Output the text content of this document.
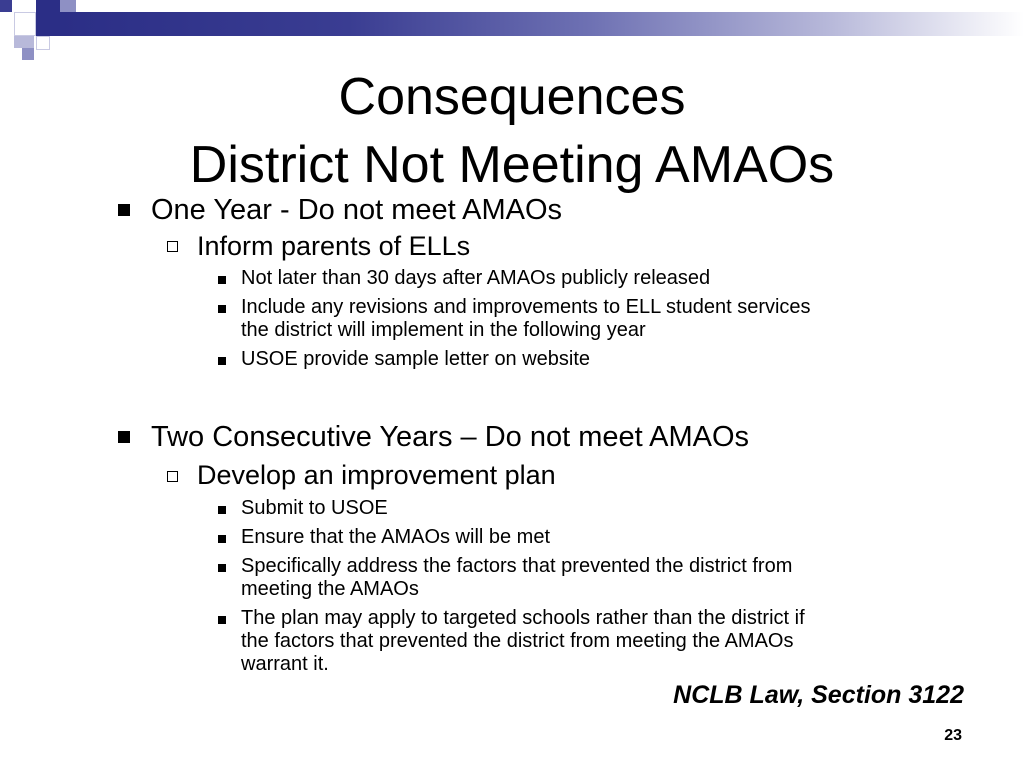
Consequences
District Not Meeting AMAOs
One Year - Do not meet AMAOs
Inform parents of ELLs
Not later than 30 days after AMAOs publicly released
Include any revisions and improvements to ELL student services
the district will implement in the following year
USOE provide sample letter on website
Two Consecutive Years – Do not meet AMAOs
Develop an improvement plan
Submit to USOE
Ensure that the AMAOs will be met
Specifically address the factors that prevented the district from
meeting the AMAOs
The plan may apply to targeted schools rather than the district if
the factors that prevented the district from meeting the AMAOs
warrant it.
NCLB Law, Section 3122
23
